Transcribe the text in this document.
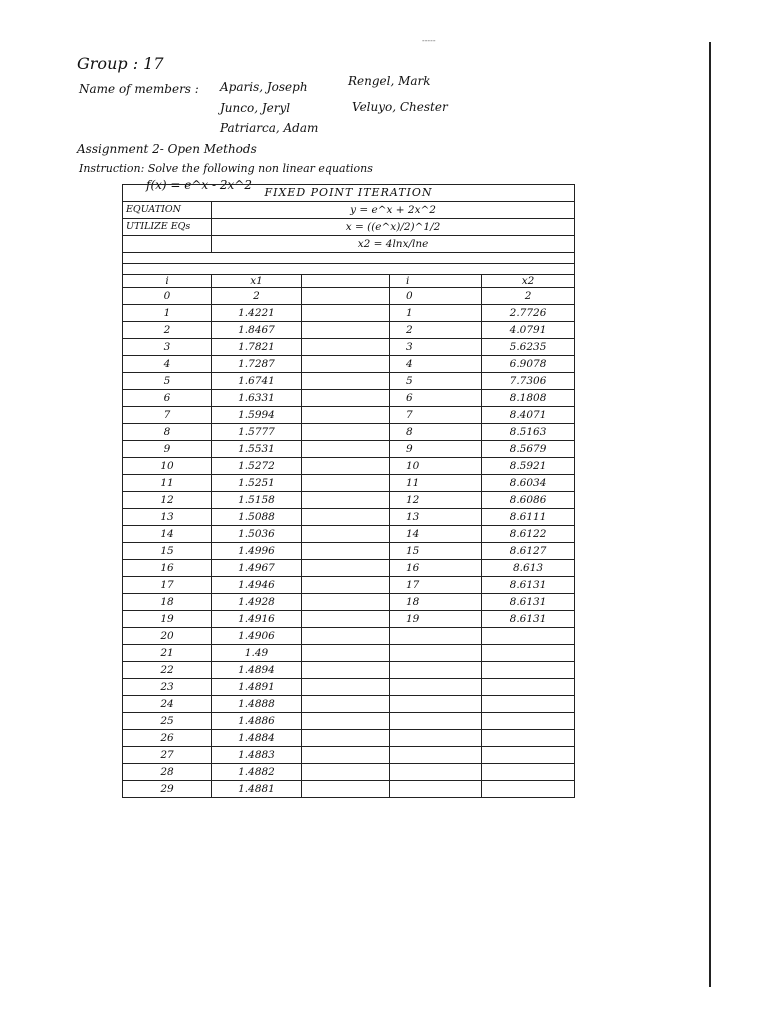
-----
Group : 17
Name of members : Aparis, Joseph
Junco, Jeryl
Patriarca, Adam
Rengel, Mark
Veluyo, Chester
Assignment 2- Open Methods
Instruction: Solve the following non linear equations
f(x) = e^x - 2x^2
FIXED POINT ITERATION				
EQUATION	y = e^x + 2x^2			
UTILIZE EQs	x = ((e^x)/2)^1/2			
	x2 = 4lnx/lne			

i	x1		i	x2
0	2		0	2
1	1.4221		1	2.7726
2	1.8467		2	4.0791
3	1.7821		3	5.6235
4	1.7287		4	6.9078
5	1.6741		5	7.7306
6	1.6331		6	8.1808
7	1.5994		7	8.4071
8	1.5777		8	8.5163
9	1.5531		9	8.5679
10	1.5272		10	8.5921
11	1.5251		11	8.6034
12	1.5158		12	8.6086
13	1.5088		13	8.6111
14	1.5036		14	8.6122
15	1.4996		15	8.6127
16	1.4967		16	8.613
17	1.4946		17	8.6131
18	1.4928		18	8.6131
19	1.4916		19	8.6131
20	1.4906			
21	1.49			
22	1.4894			
23	1.4891			
24	1.4888			
25	1.4886			
26	1.4884			
27	1.4883			
28	1.4882			
29	1.4881			
